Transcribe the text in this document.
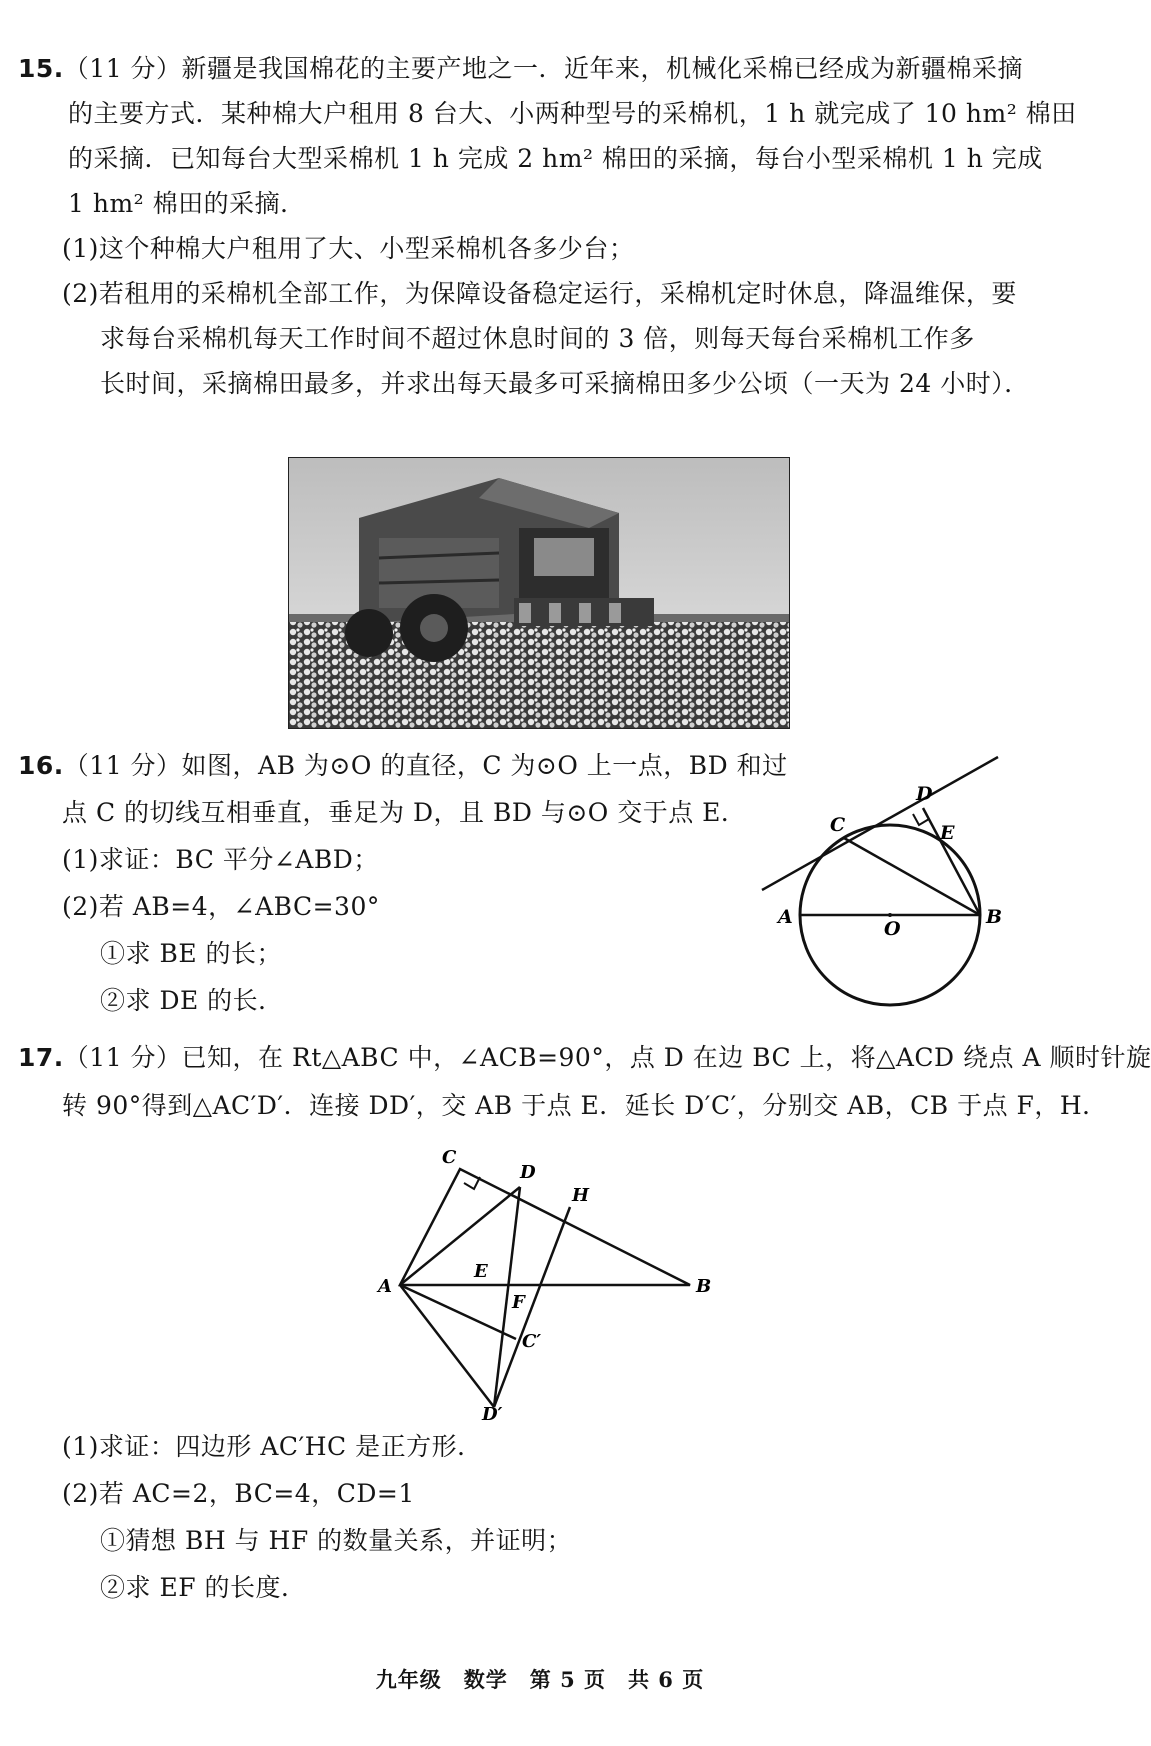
15.（11 分）新疆是我国棉花的主要产地之一．近年来，机械化采棉已经成为新疆棉采摘
的主要方式．某种棉大户租用 8 台大、小两种型号的采棉机，1 h 就完成了 10 hm² 棉田
的采摘．已知每台大型采棉机 1 h 完成 2 hm² 棉田的采摘，每台小型采棉机 1 h 完成
1 hm² 棉田的采摘．
(1)这个种棉大户租用了大、小型采棉机各多少台；
(2)若租用的采棉机全部工作，为保障设备稳定运行，采棉机定时休息，降温维保，要
求每台采棉机每天工作时间不超过休息时间的 3 倍，则每天每台采棉机工作多
长时间，采摘棉田最多，并求出每天最多可采摘棉田多少公顷（一天为 24 小时）．
16.（11 分）如图，AB 为⊙O 的直径，C 为⊙O 上一点，BD 和过
点 C 的切线互相垂直，垂足为 D，且 BD 与⊙O 交于点 E．
(1)求证：BC 平分∠ABD；
(2)若 AB=4，∠ABC=30°
①求 BE 的长；
②求 DE 的长．
D
C	E
A	B
O
17.（11 分）已知，在 Rt△ABC 中，∠ACB=90°，点 D 在边 BC 上，将△ACD 绕点 A 顺时针旋
转 90°得到△AC′D′．连接 DD′，交 AB 于点 E．延长 D′C′，分别交 AB，CB 于点 F，H．
C
D
H
A	B
E
F
C′
D′
(1)求证：四边形 AC′HC 是正方形．
(2)若 AC=2，BC=4，CD=1
①猜想 BH 与 HF 的数量关系，并证明；
②求 EF 的长度．
九年级　数学　第 5 页　共 6 页
